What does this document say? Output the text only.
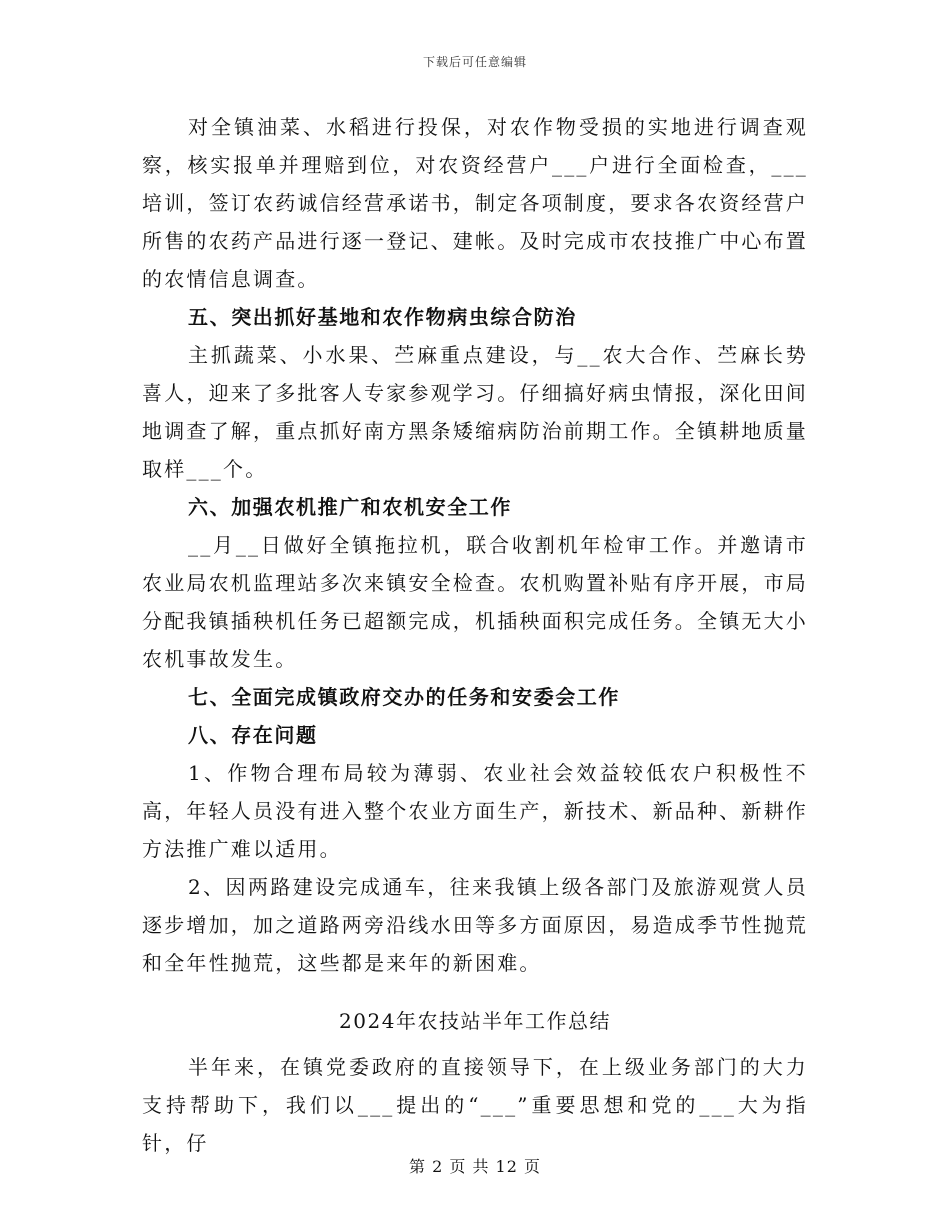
下载后可任意编辑

对全镇油菜、水稻进行投保，对农作物受损的实地进行调查观察，核实报单并理赔到位，对农资经营户___户进行全面检查，___培训，签订农药诚信经营承诺书，制定各项制度，要求各农资经营户所售的农药产品进行逐一登记、建帐。及时完成市农技推广中心布置的农情信息调查。

五、突出抓好基地和农作物病虫综合防治

主抓蔬菜、小水果、苎麻重点建设，与__农大合作、苎麻长势喜人，迎来了多批客人专家参观学习。仔细搞好病虫情报，深化田间地调查了解，重点抓好南方黑条矮缩病防治前期工作。全镇耕地质量取样___个。

六、加强农机推广和农机安全工作

__月__日做好全镇拖拉机，联合收割机年检审工作。并邀请市农业局农机监理站多次来镇安全检查。农机购置补贴有序开展，市局分配我镇插秧机任务已超额完成，机插秧面积完成任务。全镇无大小农机事故发生。

七、全面完成镇政府交办的任务和安委会工作

八、存在问题

1、作物合理布局较为薄弱、农业社会效益较低农户积极性不高，年轻人员没有进入整个农业方面生产，新技术、新品种、新耕作方法推广难以适用。

2、因两路建设完成通车，往来我镇上级各部门及旅游观赏人员逐步增加，加之道路两旁沿线水田等多方面原因，易造成季节性抛荒和全年性抛荒，这些都是来年的新困难。

2024年农技站半年工作总结

半年来，在镇党委政府的直接领导下，在上级业务部门的大力支持帮助下，我们以___提出的“___”重要思想和党的___大为指针，仔

第 2 页 共 12 页
